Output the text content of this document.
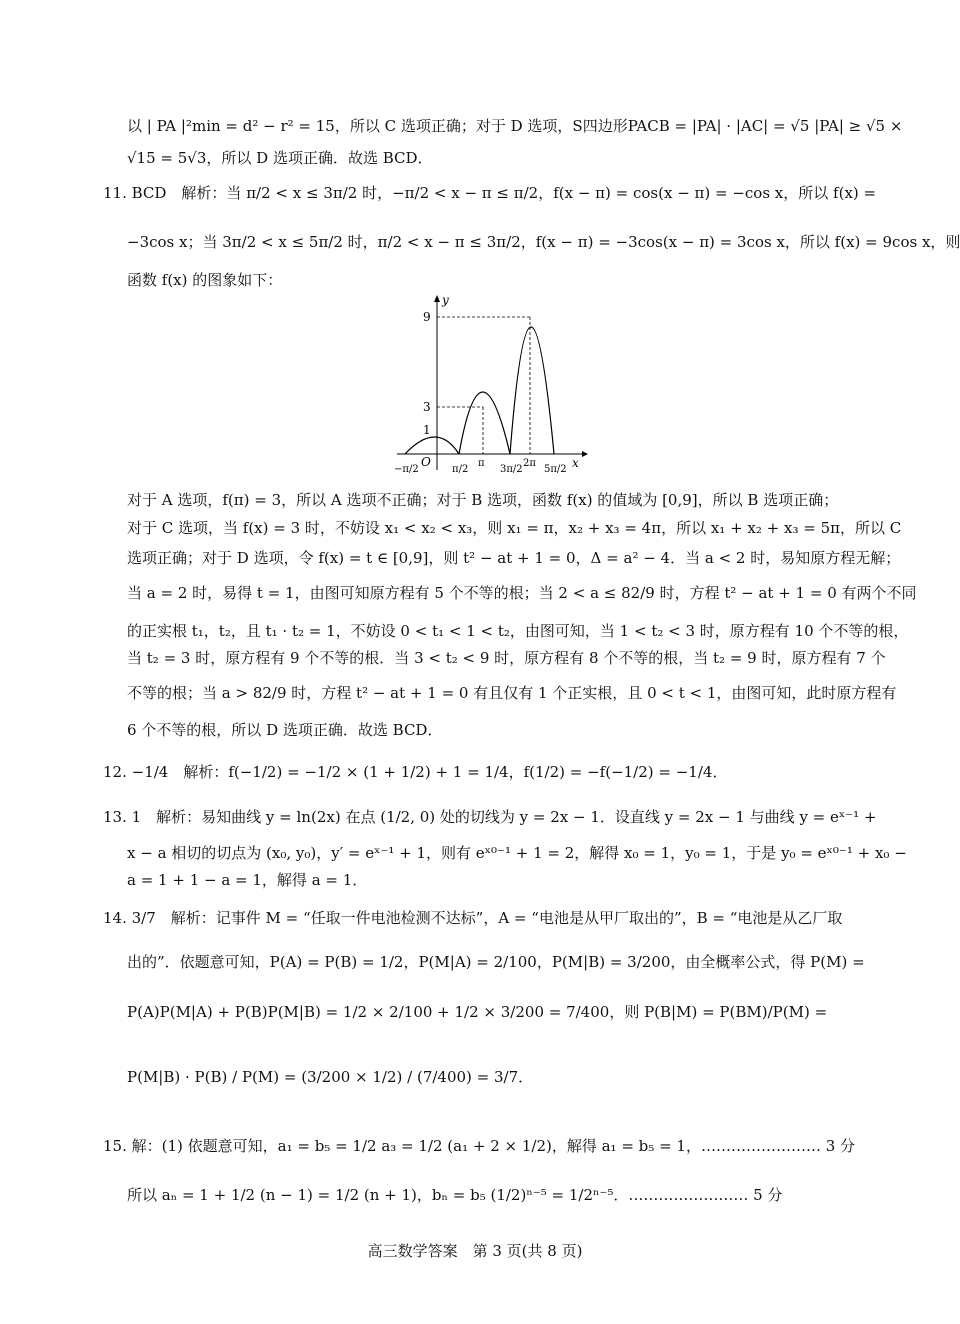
以 | PA |²min = d² − r² = 15，所以 C 选项正确；对于 D 选项，S四边形PACB = |PA| · |AC| = √5 |PA| ≥ √5 ×
√15 = 5√3，所以 D 选项正确．故选 BCD．
11. BCD　解析：当 π/2 < x ≤ 3π/2 时，−π/2 < x − π ≤ π/2，f(x − π) = cos(x − π) = −cos x，所以 f(x) =
−3cos x；当 3π/2 < x ≤ 5π/2 时，π/2 < x − π ≤ 3π/2，f(x − π) = −3cos(x − π) = 3cos x，所以 f(x) = 9cos x，则
函数 f(x) 的图象如下：
y
x
O
9
3
1
−π/2	π/2
π
3π/2
2π
5π/2
对于 A 选项，f(π) = 3，所以 A 选项不正确；对于 B 选项，函数 f(x) 的值域为 [0,9]，所以 B 选项正确；
对于 C 选项，当 f(x) = 3 时，不妨设 x₁ < x₂ < x₃，则 x₁ = π，x₂ + x₃ = 4π，所以 x₁ + x₂ + x₃ = 5π，所以 C
选项正确；对于 D 选项，令 f(x) = t ∈ [0,9]，则 t² − at + 1 = 0，Δ = a² − 4．当 a < 2 时，易知原方程无解；
当 a = 2 时，易得 t = 1，由图可知原方程有 5 个不等的根；当 2 < a ≤ 82/9 时，方程 t² − at + 1 = 0 有两个不同
的正实根 t₁，t₂，且 t₁ · t₂ = 1，不妨设 0 < t₁ < 1 < t₂，由图可知，当 1 < t₂ < 3 时，原方程有 10 个不等的根，
当 t₂ = 3 时，原方程有 9 个不等的根．当 3 < t₂ < 9 时，原方程有 8 个不等的根，当 t₂ = 9 时，原方程有 7 个
不等的根；当 a > 82/9 时，方程 t² − at + 1 = 0 有且仅有 1 个正实根，且 0 < t < 1，由图可知，此时原方程有
6 个不等的根，所以 D 选项正确．故选 BCD．
12. −1/4　解析：f(−1/2) = −1/2 × (1 + 1/2) + 1 = 1/4，f(1/2) = −f(−1/2) = −1/4．
13. 1　解析：易知曲线 y = ln(2x) 在点 (1/2, 0) 处的切线为 y = 2x − 1．设直线 y = 2x − 1 与曲线 y = eˣ⁻¹ +
x − a 相切的切点为 (x₀, y₀)，y′ = eˣ⁻¹ + 1，则有 eˣ⁰⁻¹ + 1 = 2，解得 x₀ = 1，y₀ = 1，于是 y₀ = eˣ⁰⁻¹ + x₀ −
a = 1 + 1 − a = 1，解得 a = 1．
14. 3/7　解析：记事件 M = “任取一件电池检测不达标”，A = “电池是从甲厂取出的”，B = “电池是从乙厂取
出的”．依题意可知，P(A) = P(B) = 1/2，P(M|A) = 2/100，P(M|B) = 3/200，由全概率公式，得 P(M) =
P(A)P(M|A) + P(B)P(M|B) = 1/2 × 2/100 + 1/2 × 3/200 = 7/400，则 P(B|M) = P(BM)/P(M) =
P(M|B) · P(B) / P(M) = (3/200 × 1/2) / (7/400) = 3/7．
15. 解：(1) 依题意可知，a₁ = b₅ = 1/2 a₃ = 1/2 (a₁ + 2 × 1/2)，解得 a₁ = b₅ = 1，…………………… 3 分
所以 aₙ = 1 + 1/2 (n − 1) = 1/2 (n + 1)，bₙ = b₅ (1/2)ⁿ⁻⁵ = 1/2ⁿ⁻⁵．…………………… 5 分
高三数学答案　第 3 页(共 8 页)
